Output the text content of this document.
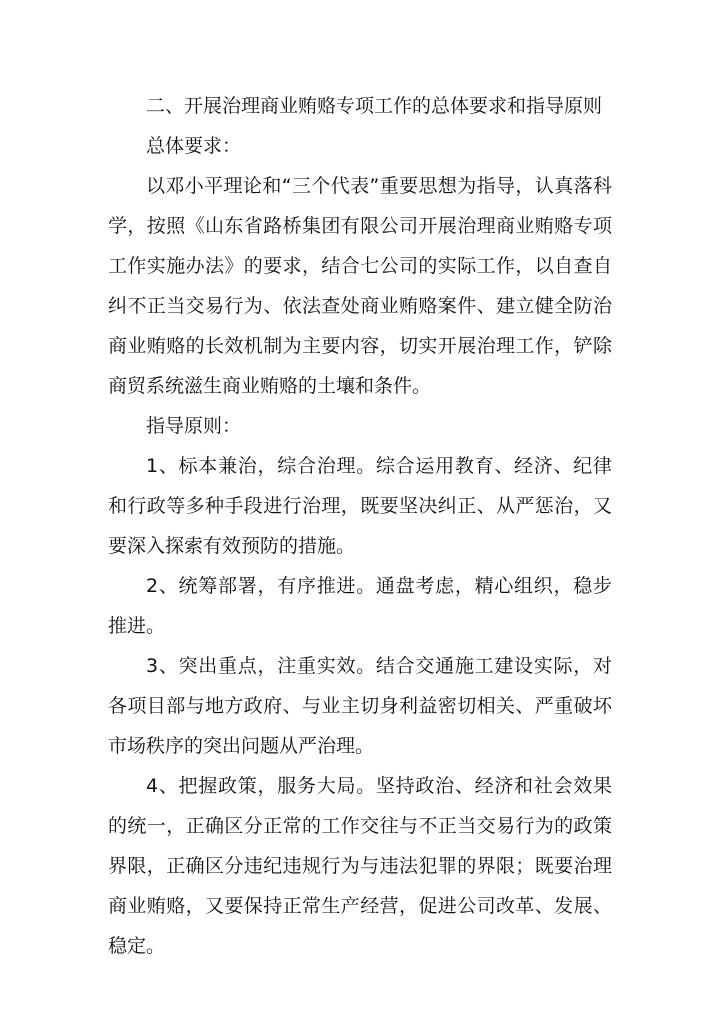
二、开展治理商业贿赂专项工作的总体要求和指导原则

总体要求：

以邓小平理论和“三个代表”重要思想为指导，认真落科学，按照《山东省路桥集团有限公司开展治理商业贿赂专项工作实施办法》的要求，结合七公司的实际工作，以自查自纠不正当交易行为、依法查处商业贿赂案件、建立健全防治商业贿赂的长效机制为主要内容，切实开展治理工作，铲除商贸系统滋生商业贿赂的土壤和条件。

指导原则：

1、标本兼治，综合治理。综合运用教育、经济、纪律和行政等多种手段进行治理，既要坚决纠正、从严惩治，又要深入探索有效预防的措施。

2、统筹部署，有序推进。通盘考虑，精心组织，稳步推进。

3、突出重点，注重实效。结合交通施工建设实际，对各项目部与地方政府、与业主切身利益密切相关、严重破坏市场秩序的突出问题从严治理。

4、把握政策，服务大局。坚持政治、经济和社会效果的统一，正确区分正常的工作交往与不正当交易行为的政策界限，正确区分违纪违规行为与违法犯罪的界限；既要治理商业贿赂，又要保持正常生产经营，促进公司改革、发展、稳定。
